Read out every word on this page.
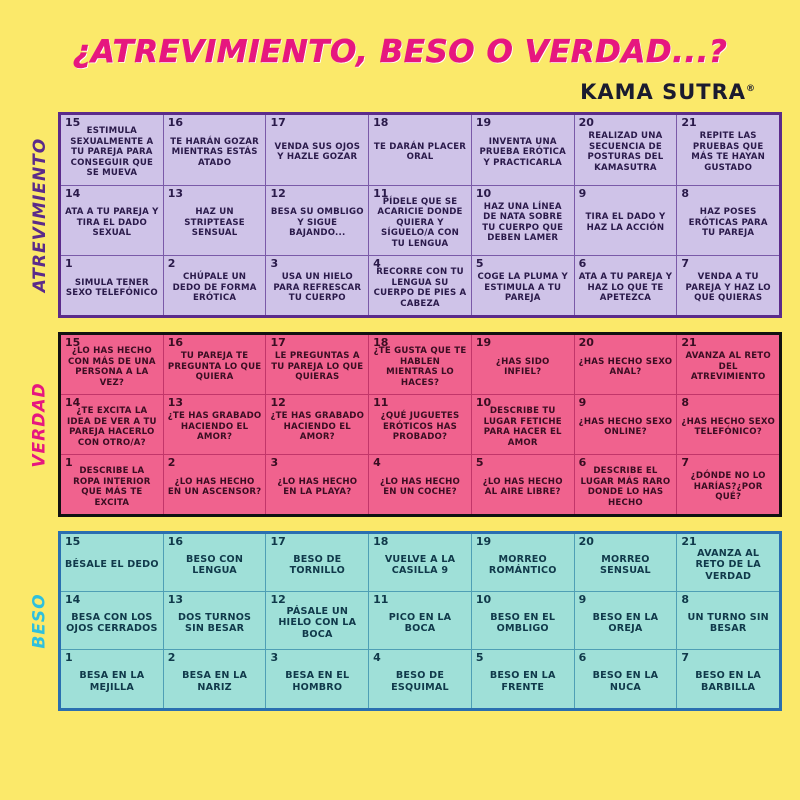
¿ATREVIMIENTO, BESO O VERDAD...?
KAMA SUTRA®
ATREVIMIENTO
15
ESTIMULA SEXUALMENTE A TU PAREJA PARA CONSEGUIR QUE SE MUEVA
16
TE HARÁN GOZAR MIENTRAS ESTÁS ATADO
17
VENDA SUS OJOS Y HAZLE GOZAR
18
TE DARÁN PLACER ORAL
19
INVENTA UNA PRUEBA ERÓTICA Y PRACTICARLA
20
REALIZAD UNA SECUENCIA DE POSTURAS DEL KAMASUTRA
21
REPITE LAS PRUEBAS QUE MÁS TE HAYAN GUSTADO
14
ATA A TU PAREJA Y TIRA EL DADO SEXUAL
13
HAZ UN STRIPTEASE SENSUAL
12
BESA SU OMBLIGO Y SIGUE BAJANDO...
11
PÍDELE QUE SE ACARICIE DONDE QUIERA Y SÍGUELO/A CON TU LENGUA
10
HAZ UNA LÍNEA DE NATA SOBRE TU CUERPO QUE DEBEN LAMER
9
TIRA EL DADO Y HAZ LA ACCIÓN
8
HAZ POSES ERÓTICAS PARA TU PAREJA
1
SIMULA TENER SEXO TELEFÓNICO
2
CHÚPALE UN DEDO DE FORMA ERÓTICA
3
USA UN HIELO PARA REFRESCAR TU CUERPO
4
RECORRE CON TU LENGUA SU CUERPO DE PIES A CABEZA
5
COGE LA PLUMA Y ESTIMULA A TU PAREJA
6
ATA A TU PAREJA Y HAZ LO QUE TE APETEZCA
7
VENDA A TU PAREJA Y HAZ LO QUE QUIERAS
VERDAD
15
¿LO HAS HECHO CON MÁS DE UNA PERSONA A LA VEZ?
16
TU PAREJA TE PREGUNTA LO QUE QUIERA
17
LE PREGUNTAS A TU PAREJA LO QUE QUIERAS
18
¿TE GUSTA QUE TE HABLEN MIENTRAS LO HACES?
19
¿HAS SIDO INFIEL?
20
¿HAS HECHO SEXO ANAL?
21
AVANZA AL RETO DEL ATREVIMIENTO
14
¿TE EXCITA LA IDEA DE VER A TU PAREJA HACERLO CON OTRO/A?
13
¿TE HAS GRABADO HACIENDO EL AMOR?
12
¿TE HAS GRABADO HACIENDO EL AMOR?
11
¿QUÉ JUGUETES ERÓTICOS HAS PROBADO?
10
DESCRIBE TU LUGAR FETICHE PARA HACER EL AMOR
9
¿HAS HECHO SEXO ONLINE?
8
¿HAS HECHO SEXO TELEFÓNICO?
1
DESCRIBE LA ROPA INTERIOR QUE MÁS TE EXCITA
2
¿LO HAS HECHO EN UN ASCENSOR?
3
¿LO HAS HECHO EN LA PLAYA?
4
¿LO HAS HECHO EN UN COCHE?
5
¿LO HAS HECHO AL AIRE LIBRE?
6
DESCRIBE EL LUGAR MÁS RARO DONDE LO HAS HECHO
7
¿DÓNDE NO LO HARÍAS?¿POR QUÉ?
BESO
15
BÉSALE EL DEDO
16
BESO CON LENGUA
17
BESO DE TORNILLO
18
VUELVE A LA CASILLA 9
19
MORREO ROMÁNTICO
20
MORREO SENSUAL
21
AVANZA AL RETO DE LA VERDAD
14
BESA CON LOS OJOS CERRADOS
13
DOS TURNOS SIN BESAR
12
PÁSALE UN HIELO CON LA BOCA
11
PICO EN LA BOCA
10
BESO EN EL OMBLIGO
9
BESO EN LA OREJA
8
UN TURNO SIN BESAR
1
BESA EN LA MEJILLA
2
BESA EN LA NARIZ
3
BESA EN EL HOMBRO
4
BESO DE ESQUIMAL
5
BESO EN LA FRENTE
6
BESO EN LA NUCA
7
BESO EN LA BARBILLA
